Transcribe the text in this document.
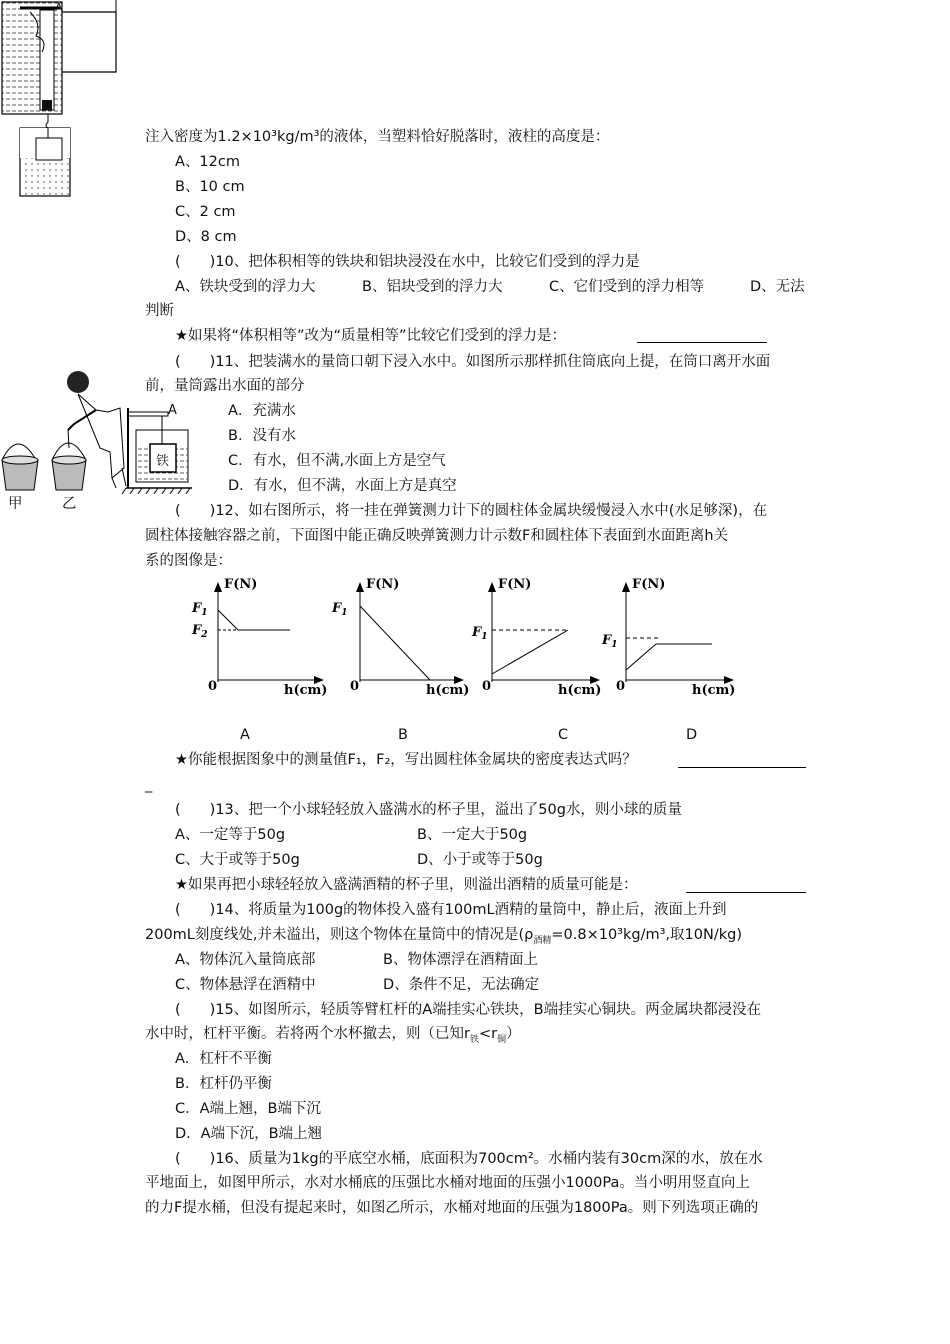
A
注入密度为1.2×10³kg/m³的液体，当塑料恰好脱落时，液柱的高度是：
A、12cm
B、10 cm
C、2 cm
D、8 cm
(　　)10、把体积相等的铁块和铝块浸没在水中，比较它们受到的浮力是
A、铁块受到的浮力大	B、铝块受到的浮力大	C、它们受到的浮力相等	D、无法
判断
★如果将“体积相等”改为“质量相等”比较它们受到的浮力是：
(　　)11、把装满水的量筒口朝下浸入水中。如图所示那样抓住筒底向上提，在筒口离开水面
前，量筒露出水面的部分
甲	乙
A
铁
A．充满水
B．没有水
C．有水，但不满,水面上方是空气
D．有水，但不满，水面上方是真空
(　　)12、如右图所示，将一挂在弹簧测力计下的圆柱体金属块缓慢浸入水中(水足够深)，在
圆柱体接触容器之前，下面图中能正确反映弹簧测力计示数F和圆柱体下表面到水面距离h关
系的图像是：
F(N)
$F_1$
$F_2$
0	h(cm)
F(N)
$F_1$
0	h(cm)
F(N)
$F_1$
0	h(cm)
F(N)
$F_1$
0	h(cm)
A	B	C	D
★你能根据图象中的测量值F₁，F₂，写出圆柱体金属块的密度表达式吗？
_
(　　)13、把一个小球轻轻放入盛满水的杯子里，溢出了50g水，则小球的质量
A、一定等于50g	B、一定大于50g
C、大于或等于50g	D、小于或等于50g
★如果再把小球轻轻放入盛满酒精的杯子里，则溢出酒精的质量可能是：
(　　)14、将质量为100g的物体投入盛有100mL酒精的量筒中，静止后，液面上升到
200mL刻度线处,并未溢出，则这个物体在量筒中的情况是($\rho_{酒精}=0.8\times 10^3kg/m^3$,取10N/kg)
A、物体沉入量筒底部	B、物体漂浮在酒精面上
C、物体悬浮在酒精中	D、条件不足，无法确定
(　　)15、如图所示，轻质等臂杠杆的A端挂实心铁块，B端挂实心铜块。两金属块都浸没在
水中时，杠杆平衡。若将两个水杯撤去，则（已知$r_铁<r_铜$）
A．杠杆不平衡
B．杠杆仍平衡
C．A端上翘，B端下沉
D．A端下沉，B端上翘
(　　)16、质量为1kg的平底空水桶，底面积为700cm²。水桶内装有30cm深的水，放在水
平地面上，如图甲所示，水对水桶底的压强比水桶对地面的压强小1000Pa。当小明用竖直向上
的力F提水桶，但没有提起来时，如图乙所示，水桶对地面的压强为1800Pa。则下列选项正确的
